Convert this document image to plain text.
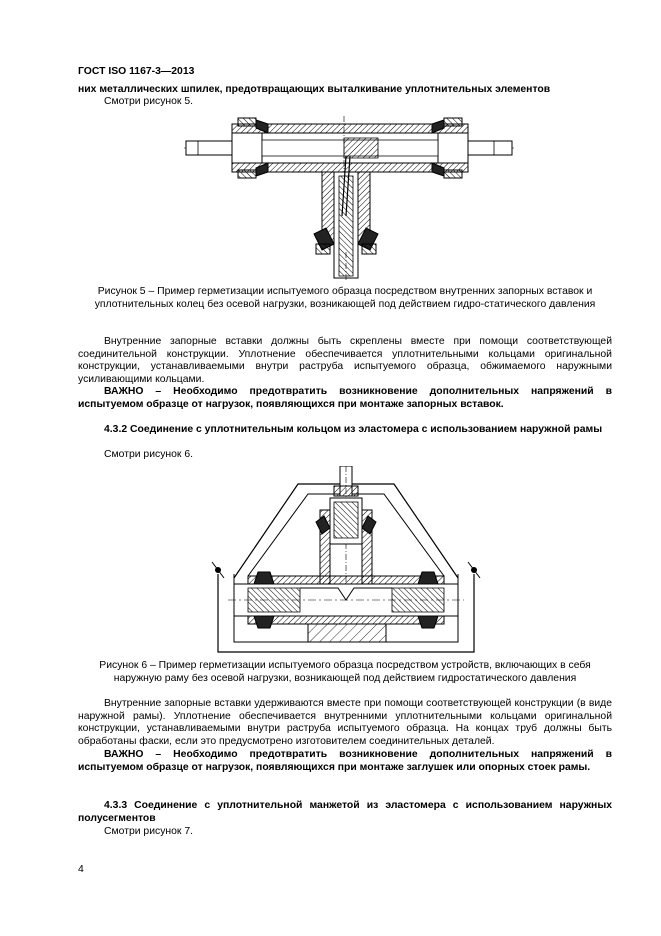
ГОСТ ISO 1167-3—2013

них металлических шпилек, предотвращающих выталкивание уплотнительных элементов

Смотри рисунок 5.

Рисунок 5 – Пример герметизации испытуемого образца посредством внутренних запорных вставок и уплотнительных колец без осевой нагрузки, возникающей под действием гидро-статического давления

Внутренние запорные вставки должны быть скреплены вместе при помощи соответствующей соединительной конструкции. Уплотнение обеспечивается уплотнительными кольцами оригинальной конструкции, устанавливаемыми внутри раструба испытуемого образца, обжимаемого наружными усиливающими кольцами.

ВАЖНО – Необходимо предотвратить возникновение дополнительных напряжений в испытуемом образце от нагрузок, появляющихся при монтаже запорных вставок.

4.3.2 Соединение с уплотнительным кольцом из эластомера с использованием наружной рамы

Смотри рисунок 6.

Рисунок 6 – Пример герметизации испытуемого образца посредством устройств, включающих в себя наружную раму без осевой нагрузки, возникающей под действием гидростатического давления

Внутренние запорные вставки удерживаются вместе при помощи соответствующей конструкции (в виде наружной рамы). Уплотнение обеспечивается внутренними уплотнительными кольцами оригинальной конструкции, устанавливаемыми внутри раструба испытуемого образца. На концах труб должны быть обработаны фаски, если это предусмотрено изготовителем соединительных деталей.

ВАЖНО – Необходимо предотвратить возникновение дополнительных напряжений в испытуемом образце от нагрузок, появляющихся при монтаже заглушек или опорных стоек рамы.

4.3.3 Соединение с уплотнительной манжетой из эластомера с использованием наружных полусегментов

Смотри рисунок 7.

4
